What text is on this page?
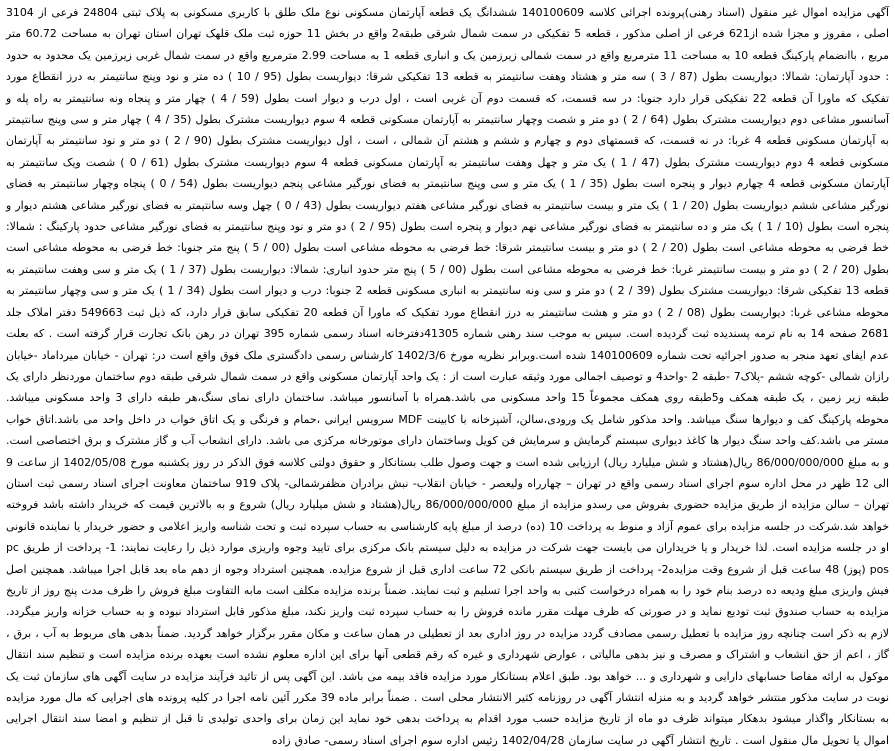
آگهی مزایده اموال غیر منقول (اسناد رهنی)پرونده اجرائی کلاسه 140100609 ششدانگ یک قطعه آپارتمان مسکونی نوع ملک طلق با کاربری مسکونی به پلاک ثبتی 24804 فرعی از 3104 اصلی ، مفروز و مجزا شده از621 فرعی از اصلی مذکور ، قطعه 5 تفکیکی در سمت شمال شرقی طبقه2 واقع در بخش 11 حوزه ثبت ملک قلهک تهران استان تهران به مساحت 60.72 متر مربع ، باانضمام پارکینگ قطعه 10 به مساحت 11 مترمربع واقع در سمت شمالی زیرزمین یک و انباری قطعه 1 به مساحت 2.99 مترمربع واقع در سمت شمال غربی زیرزمین یک محدود به حدود : حدود آپارتمان: شمالا: دیواریست بطول (87 / 3 ) سه متر و هشتاد وهفت سانتیمتر به قطعه 13 تفکیکی شرقا: دیواریست بطول (95 / 10 ) ده متر و نود وپنج سانتیمتر به درز انقطاع مورد تفکیک که ماورا آن قطعه 22 تفکیکی قرار دارد جنوبا: در سه قسمت، که قسمت دوم آن غربی است ، اول درب و دیوار است بطول (59 / 4 ) چهار متر و پنجاه ونه سانتیمتر به راه پله و آسانسور مشاعی دوم دیواریست مشترک بطول (64 / 2 ) دو متر و شصت وچهار سانتیمتر به آپارتمان مسکونی قطعه 4 سوم دیواریست مشترک بطول (35 / 4 ) چهار متر و سی وپنج سانتیمتر به آپارتمان مسکونی قطعه 4 غربا: در نه قسمت، که قسمتهای دوم و چهارم و ششم و هشتم آن شمالی ، است ، اول دیواریست مشترک بطول (90 / 2 ) دو متر و نود سانتیمتر به آپارتمان مسکونی قطعه 4 دوم دیواریست مشترک بطول (47 / 1 ) یک متر و چهل وهفت سانتیمتر به آپارتمان مسکونی قطعه 4 سوم دیواریست مشترک بطول (61 / 0 ) شصت ویک سانتیمتر به آپارتمان مسکونی قطعه 4 چهارم دیوار و پنجره است بطول (35 / 1 ) یک متر و سی وپنج سانتیمتر به فضای نورگیر مشاعی پنجم دیواریست بطول (54 / 0 ) پنجاه وچهار سانتیمتر به فضای نورگیر مشاعی ششم دیواریست بطول (20 / 1 ) یک متر و بیست سانتیمتر به فضای نورگیر مشاعی هفتم دیواریست بطول (43 / 0 ) چهل وسه سانتیمتر به فضای نورگیر مشاعی هشتم دیوار و پنجره است بطول (10 / 1 ) یک متر و ده سانتیمتر به فضای نورگیر مشاعی نهم دیوار و پنجره است بطول (95 / 2 ) دو متر و نود وپنج سانتیمتر به فضای نورگیر مشاعی حدود پارکینگ : شمالا: خط فرضی به محوطه مشاعی است بطول (20 / 2 ) دو متر و بیست سانتیمتر شرقا: خط فرضی به محوطه مشاعی است بطول (00 / 5 ) پنج متر جنوبا: خط فرضی به محوطه مشاعی است بطول (20 / 2 ) دو متر و بیست سانتیمتر غربا: خط فرضی به محوطه مشاعی است بطول (00 / 5 ) پنج متر حدود انباری: شمالا: دیواریست بطول (37 / 1 ) یک متر و سی وهفت سانتیمتر به قطعه 13 تفکیکی شرقا: دیواریست مشترک بطول (39 / 2 ) دو متر و سی ونه سانتیمتر به انباری مسکونی قطعه 2 جنوبا: درب و دیوار است بطول (34 / 1 ) یک متر و سی وچهار سانتیمتر به محوطه مشاعی غربا: دیواریست بطول (08 / 2 ) دو متر و هشت سانتیمتر به درز انقطاع مورد تفکیک که ماورا آن قطعه 20 تفکیکی سابق قرار دارد، که ذیل ثبت 549663 دفتر املاک جلد 2681 صفحه 14 به نام ترمه پسندیده ثبت گردیده است. سپس به موجب سند رهنی شماره 41305دفترخانه اسناد رسمی شماره 395 تهران در رهن بانک تجارت قرار گرفته است . که بعلت عدم ایفای تعهد منجر به صدور اجرائیه تحت شماره 140100609 شده است.وبرابر نظریه مورخ 1402/3/6 کارشناس رسمی دادگستری ملک فوق واقع است در: تهران - خیابان میرداماد -خیابان رازان شمالی -کوچه ششم -پلاک7 -طبقه 2 -واحد4 و توصیف اجمالی مورد وثیقه عبارت است از : یک واحد آپارتمان مسکونی واقع در سمت شمال شرقی طبقه دوم ساختمان موردنظر دارای یک طبقه زیر زمین ، یک طبقه همکف و5طبقه روی همکف مجموعاً 15 واحد مسکونی می باشد.همراه با آسانسور میباشد. ساختمان دارای نمای سنگ،هر طبقه دارای 3 واحد مسکونی میباشد. محوطه پارکینگ کف و دیوارها سنگ میباشد. واحد مذکور شامل یک ورودی،سالن، آشپزخانه با کابینت MDF سرویس ایرانی ،حمام و فرنگی و یک اتاق خواب در داخل واحد می باشد.اتاق خواب مستر می باشد.کف واحد سنگ دیوار ها کاغذ دیواری سیستم گرمایش و سرمایش فن کویل وساختمان دارای موتورخانه مرکزی می باشد. دارای انشعاب آب و گاز مشترک و برق اختصاصی است. و به مبلغ 86/000/000/000 ریال(هشتاد و شش میلیارد ریال) ارزیابی شده است و جهت وصول طلب بستانکار و حقوق دولتی کلاسه فوق الذکر در روز یکشنبه مورخ 1402/05/08 از ساعت 9 الی 12 ظهر در محل اداره سوم اجرای اسناد رسمی واقع در تهران – چهارراه ولیعصر - خیابان انقلاب- نبش برادران مظفرشمالی- پلاک 919 ساختمان معاونت اجرای اسناد رسمی ثبت استان تهران – سالن مزایده از طریق مزایده حضوری بفروش می رسدو مزایده از مبلغ 86/000/000/000 ریال(هشتاد و شش میلیارد ریال) شروع و به بالاترین قیمت که خریدار داشته باشد فروخته خواهد شد.شرکت در جلسه مزایده برای عموم آزاد و منوط به پرداخت 10 (ده) درصد از مبلغ پایه کارشناسی به حساب سپرده ثبت و تحت شناسه واریز اعلامی و حضور خریدار یا نماینده قانونی او در جلسه مزایده است. لذا خریدار و یا خریداران می بایست جهت شرکت در مزایده به دلیل سیستم بانک مرکزی برای تایید وجوه واریزی موارد ذیل را رعایت نمایند: 1- پرداخت از طریق pc pos (پوز) 48 ساعت قبل از شروع وقت مزایده2- پرداخت از طریق سیستم بانکی 72 ساعت اداری قبل از شروع مزایده. همچنین استرداد وجوه از دهم ماه بعد قابل اجرا میباشد. همچنین اصل فیش واریزی مبلغ ودیعه ده درصد بنام خود را به همراه درخواست کتبی به واحد اجرا تسلیم و ثبت نمایند. ضمناً برنده مزایده مکلف است مابه التفاوت مبلغ فروش را ظرف مدت پنج روز از تاریخ مزایده به حساب صندوق ثبت تودیع نماید و در صورتی که ظرف مهلت مقرر مانده فروش را به حساب سپرده ثبت واریز نکند، مبلغ مذکور قابل استرداد نبوده و به حساب خزانه واریز میگردد. لازم به ذکر است چنانچه روز مزایده با تعطیل رسمی مصادف گردد مزایده در روز اداری بعد از تعطیلی در همان ساعت و مکان مقرر برگزار خواهد گردید. ضمناً بدهی های مربوط به آب ، برق ، گاز ، اعم از حق انشعاب و اشتراک و مصرف و نیز بدهی مالیاتی ، عوارض شهرداری و غیره که رقم قطعی آنها برای این اداره معلوم نشده است بعهده برنده مزایده است و تنظیم سند انتقال موکول به ارائه مفاصا حسابهای دارایی و شهرداری و ... خواهد بود. طبق اعلام بستانکار مورد مزایده فاقد بیمه می باشد. این آگهی پس از تائید فرآیند مزایده در سایت آگهی های سازمان ثبت یک نوبت در سایت مذکور منتشر خواهد گردید و به منزله انتشار آگهی در روزنامه کثیر الانتشار محلی است . ضمناً برابر ماده 39 مکرر آئین نامه اجرا در کلیه پرونده های اجرایی که مال مورد مزایده به بستانکار واگذار میشود بدهکار میتواند ظرف دو ماه از تاریخ مزایده حسب مورد اقدام به پرداخت بدهی خود نماید این زمان برای واحدی تولیدی تا قبل از تنظیم و امضا سند انتقال اجرایی اموال یا تحویل مال منقول است . تاریخ انتشار آگهی در سایت سازمان 1402/04/28 رئیس اداره سوم اجرای اسناد رسمی- صادق زاده
